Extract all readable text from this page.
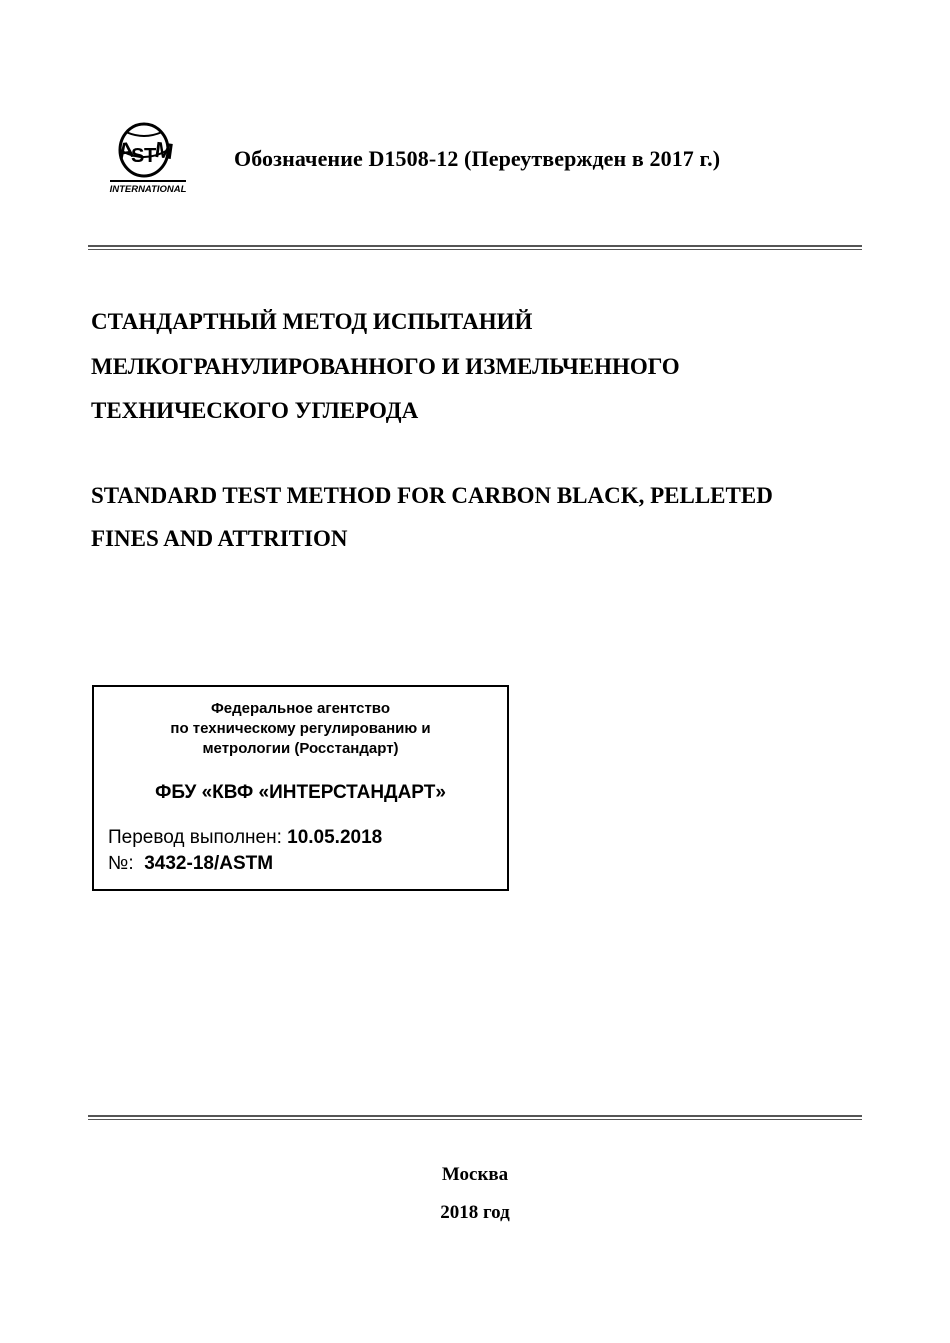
A
S T
M
INTERNATIONAL
Обозначение D1508-12 (Переутвержден в 2017 г.)
СТАНДАРТНЫЙ МЕТОД ИСПЫТАНИЙ
МЕЛКОГРАНУЛИРОВАННОГО И ИЗМЕЛЬЧЕННОГО
ТЕХНИЧЕСКОГО УГЛЕРОДА
STANDARD TEST METHOD FOR CARBON BLACK, PELLETED
FINES AND ATTRITION
Федеральное агентство
по техническому регулированию и
метрологии (Росстандарт)
ФБУ «КВФ «ИНТЕРСТАНДАРТ»
Перевод выполнен: 10.05.2018
№: 3432-18/ASTM
Москва
2018 год
